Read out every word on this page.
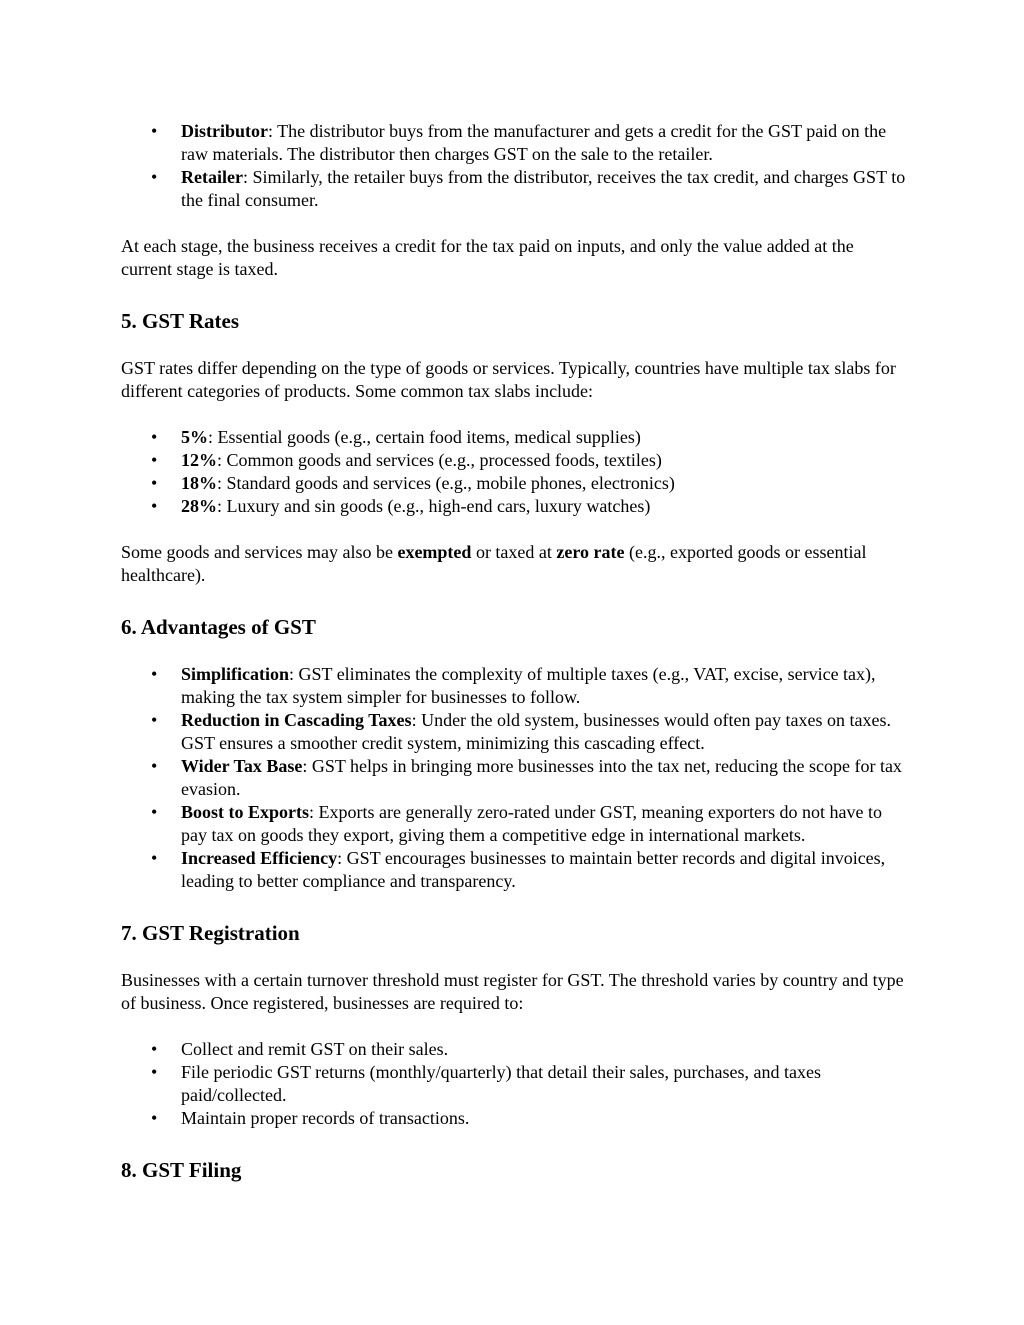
• Distributor: The distributor buys from the manufacturer and gets a credit for the GST paid on the raw materials. The distributor then charges GST on the sale to the retailer.
• Retailer: Similarly, the retailer buys from the distributor, receives the tax credit, and charges GST to the final consumer.

At each stage, the business receives a credit for the tax paid on inputs, and only the value added at the current stage is taxed.

5. GST Rates

GST rates differ depending on the type of goods or services. Typically, countries have multiple tax slabs for different categories of products. Some common tax slabs include:

• 5%: Essential goods (e.g., certain food items, medical supplies)
• 12%: Common goods and services (e.g., processed foods, textiles)
• 18%: Standard goods and services (e.g., mobile phones, electronics)
• 28%: Luxury and sin goods (e.g., high-end cars, luxury watches)

Some goods and services may also be exempted or taxed at zero rate (e.g., exported goods or essential healthcare).

6. Advantages of GST
• Simplification: GST eliminates the complexity of multiple taxes (e.g., VAT, excise, service tax), making the tax system simpler for businesses to follow.
• Reduction in Cascading Taxes: Under the old system, businesses would often pay taxes on taxes. GST ensures a smoother credit system, minimizing this cascading effect.
• Wider Tax Base: GST helps in bringing more businesses into the tax net, reducing the scope for tax evasion.
• Boost to Exports: Exports are generally zero-rated under GST, meaning exporters do not have to pay tax on goods they export, giving them a competitive edge in international markets.
• Increased Efficiency: GST encourages businesses to maintain better records and digital invoices, leading to better compliance and transparency.
7. GST Registration

Businesses with a certain turnover threshold must register for GST. The threshold varies by country and type of business. Once registered, businesses are required to:

• Collect and remit GST on their sales.
• File periodic GST returns (monthly/quarterly) that detail their sales, purchases, and taxes paid/collected.
• Maintain proper records of transactions.
8. GST Filing
